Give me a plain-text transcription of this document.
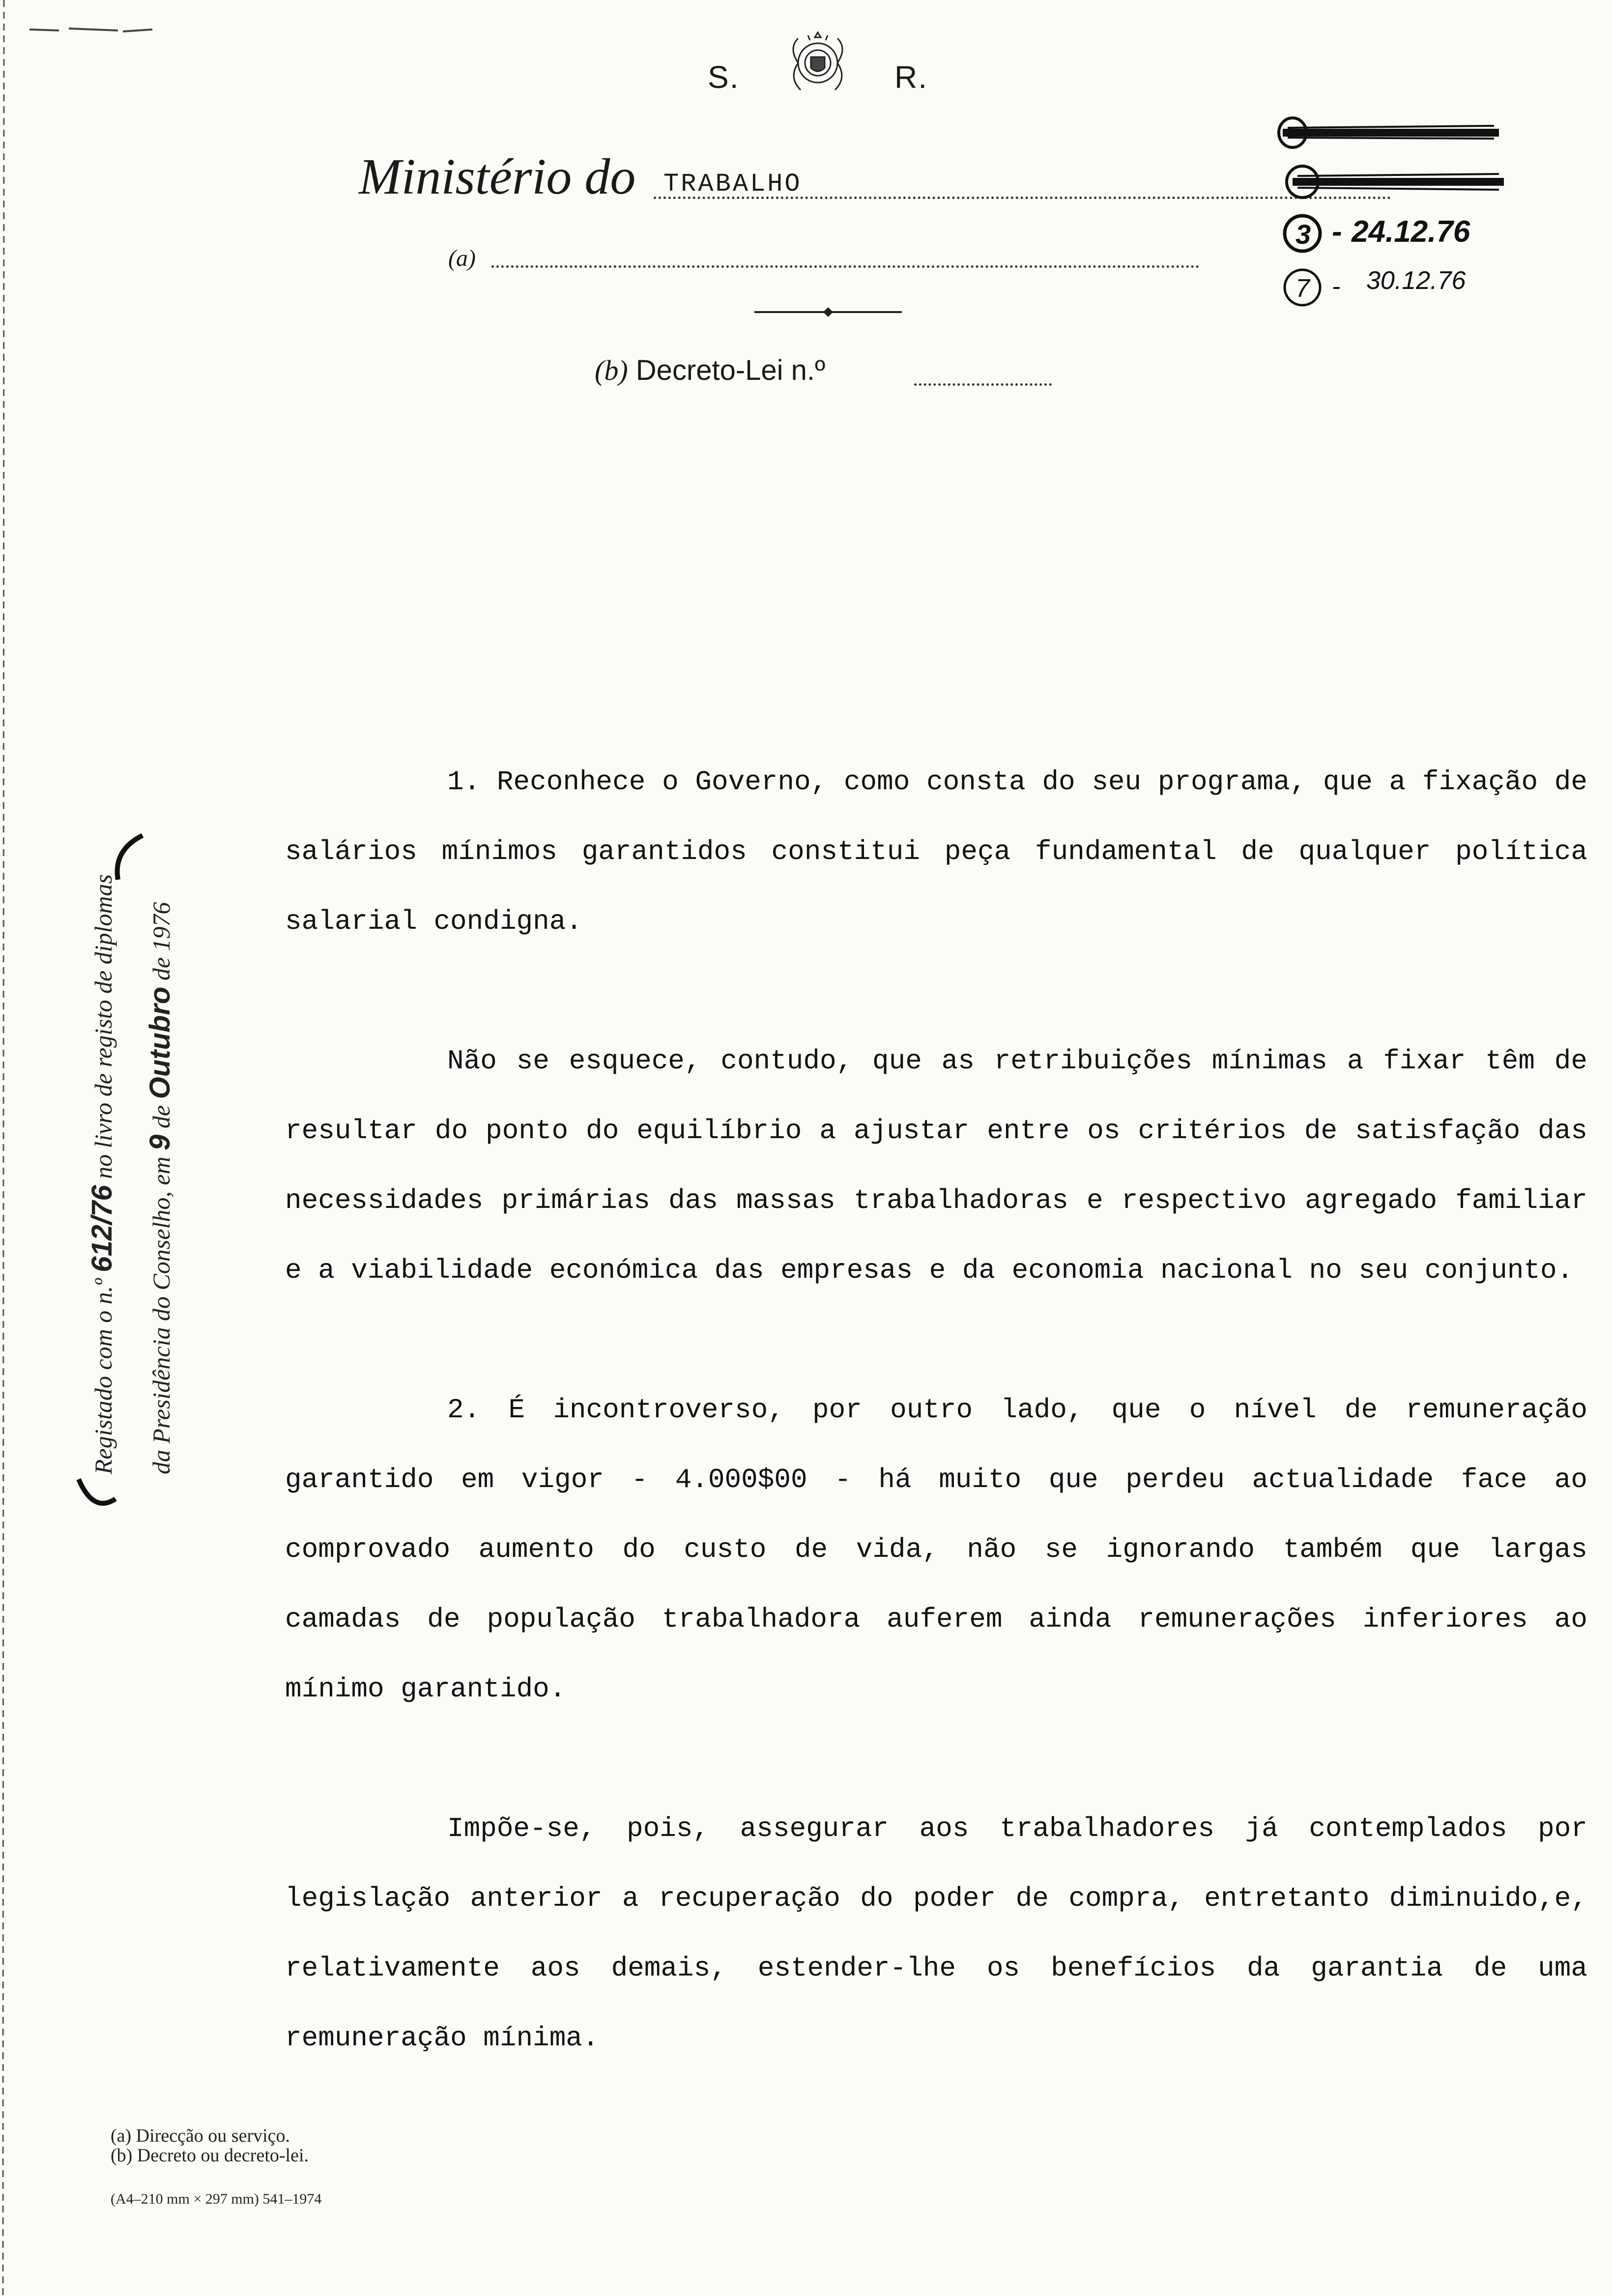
S.	R.
Ministério do TRABALHO
(a)
(b) Decreto-Lei n.º
3 - 24.12.76
7 - 30.12.76
Registado com o n.º 612/76 no livro de registo de diplomas
da Presidência do Conselho, em 9 de Outubro de 1976

1. Reconhece o Governo, como consta do seu programa, que a fixação de salários mínimos garantidos constitui peça fundamental de qualquer política salarial condigna.

Não se esquece, contudo, que as retribuições mínimas a fixar têm de resultar do ponto do equilíbrio a ajustar entre os critérios de satisfação das necessidades primárias das massas trabalhadoras e respectivo agregado familiar e a viabilidade económica das empresas e da economia nacional no seu conjunto.

2. É incontroverso, por outro lado, que o nível de remuneração garantido em vigor - 4.000$00 - há muito que perdeu actualidade face ao comprovado aumento do custo de vida, não se ignorando também que largas camadas de população trabalhadora auferem ainda remunerações inferiores ao mínimo garantido.

Impõe-se, pois, assegurar aos trabalhadores já contemplados por legislação anterior a recuperação do poder de compra, entretanto diminuido,e, relativamente aos demais, estender-lhe os benefícios da garantia de uma remuneração mínima.

(a) Direcção ou serviço.
(b) Decreto ou decreto-lei.
(A4–210 mm × 297 mm) 541–1974
